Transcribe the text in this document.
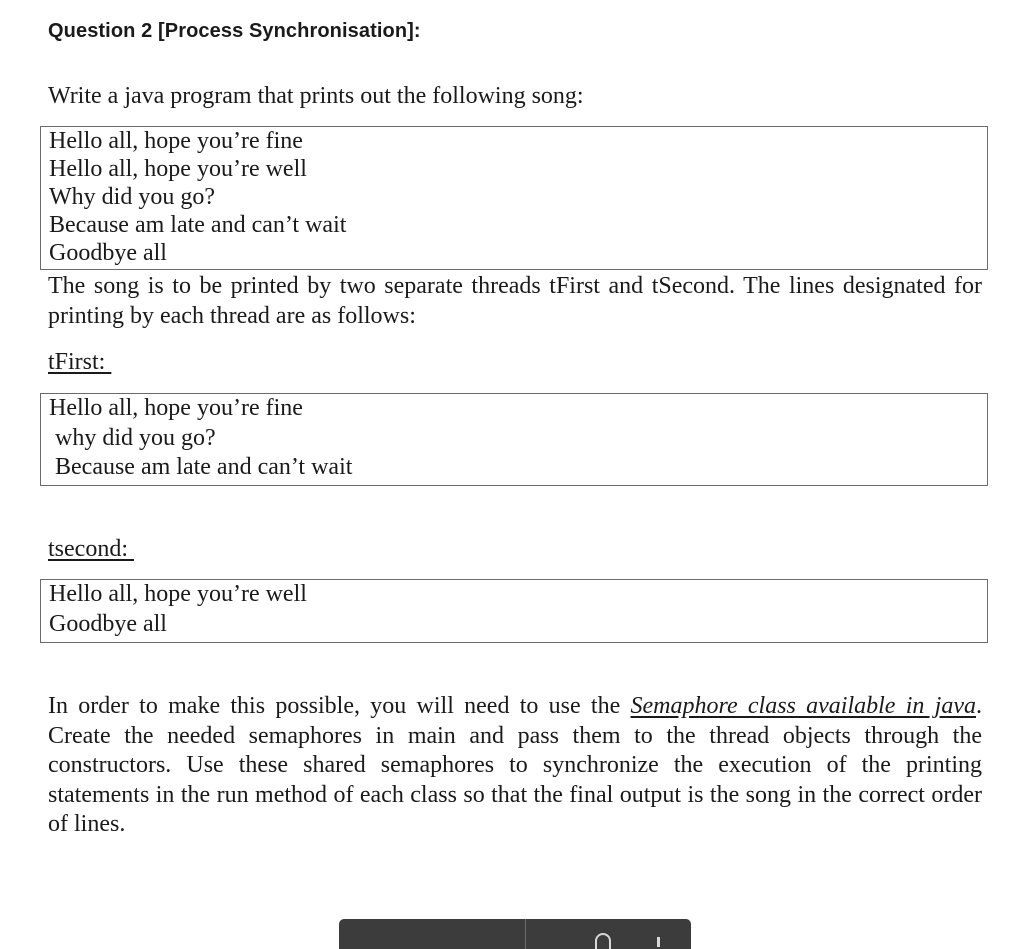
Question 2 [Process Synchronisation]:
Write a java program that prints out the following song:
Hello all, hope you’re fine
Hello all, hope you’re well
Why did you go?
Because am late and can’t wait
Goodbye all
The song is to be printed by two separate threads tFirst and tSecond. The lines designated for printing by each thread are as follows:
tFirst:
Hello all, hope you’re fine
why did you go?
Because am late and can’t wait
tsecond:
Hello all, hope you’re well
Goodbye all
In order to make this possible, you will need to use the Semaphore class available in java. Create the needed semaphores in main and pass them to the thread objects through the constructors. Use these shared semaphores to synchronize the execution of the printing statements in the run method of each class so that the final output is the song in the correct order of lines.
